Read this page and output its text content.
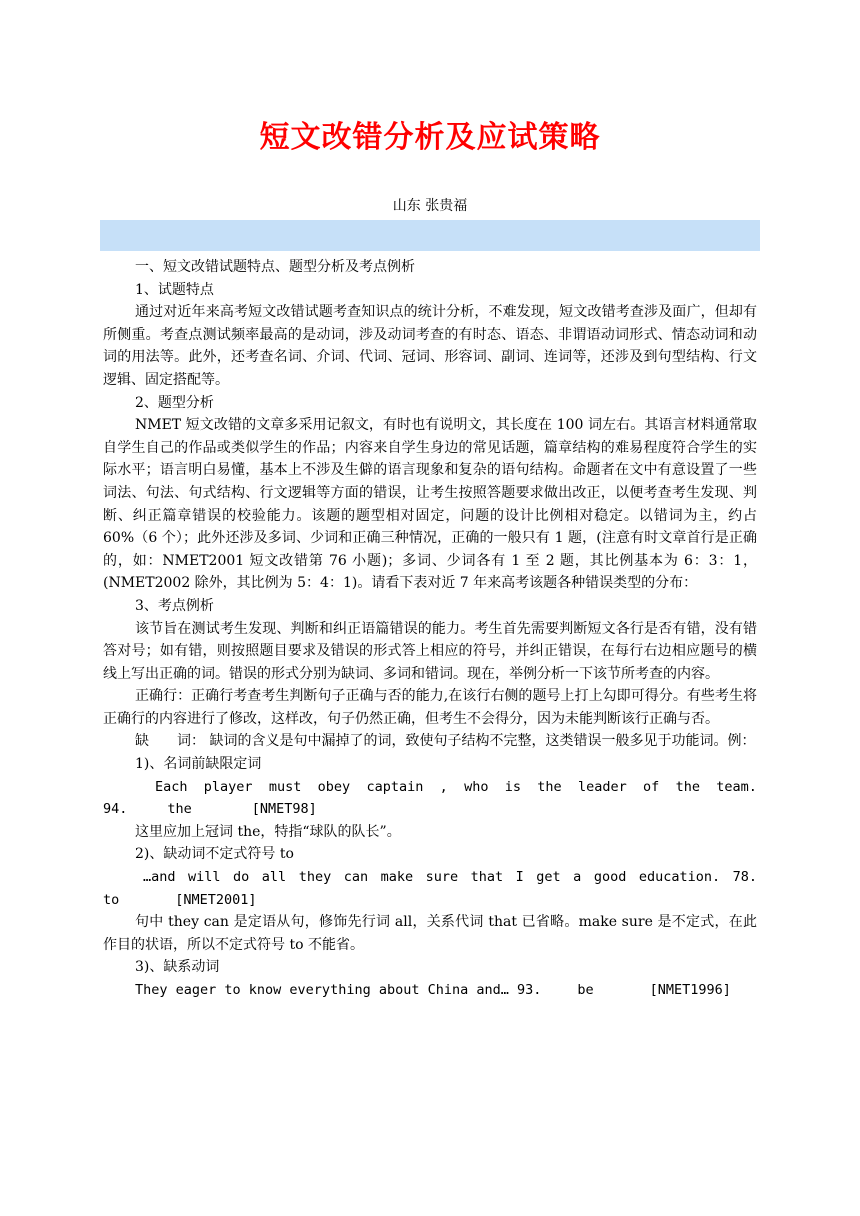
短文改错分析及应试策略
山东 张贵福

一、短文改错试题特点、题型分析及考点例析

1、试题特点

通过对近年来高考短文改错试题考查知识点的统计分析，不难发现，短文改错考查涉及面广，但却有所侧重。考查点测试频率最高的是动词，涉及动词考查的有时态、语态、非谓语动词形式、情态动词和动词的用法等。此外，还考查名词、介词、代词、冠词、形容词、副词、连词等，还涉及到句型结构、行文逻辑、固定搭配等。

2、题型分析

NMET 短文改错的文章多采用记叙文，有时也有说明文，其长度在 100 词左右。其语言材料通常取自学生自己的作品或类似学生的作品；内容来自学生身边的常见话题，篇章结构的难易程度符合学生的实际水平；语言明白易懂，基本上不涉及生僻的语言现象和复杂的语句结构。命题者在文中有意设置了一些词法、句法、句式结构、行文逻辑等方面的错误，让考生按照答题要求做出改正，以便考查考生发现、判断、纠正篇章错误的校验能力。该题的题型相对固定，问题的设计比例相对稳定。以错词为主，约占 60%（6 个）；此外还涉及多词、少词和正确三种情况，正确的一般只有 1 题，(注意有时文章首行是正确的，如：NMET2001 短文改错第 76 小题)；多词、少词各有 1 至 2 题，其比例基本为 6：3：1，(NMET2002 除外，其比例为 5：4：1)。请看下表对近 7 年来高考该题各种错误类型的分布：

3、考点例析

该节旨在测试考生发现、判断和纠正语篇错误的能力。考生首先需要判断短文各行是否有错，没有错答对号；如有错，则按照题目要求及错误的形式答上相应的符号，并纠正错误，在每行右边相应题号的横线上写出正确的词。错误的形式分别为缺词、多词和错词。现在，举例分析一下该节所考查的内容。

正确行：正确行考查考生判断句子正确与否的能力,在该行右侧的题号上打上勾即可得分。有些考生将正确行的内容进行了修改，这样改，句子仍然正确，但考生不会得分，因为未能判断该行正确与否。

缺　　词： 缺词的含义是句中漏掉了的词，致使句子结构不完整，这类错误一般多见于功能词。例：

1)、名词前缺限定词

Each player must obey captain , who is the leader of the team.
94.	the	[NMET98]

这里应加上冠词 the，特指“球队的队长”。

2)、缺动词不定式符号 to

…and will do all they can make sure that I get a good education. 78.
to	[NMET2001]

句中 they can 是定语从句，修饰先行词 all，关系代词 that 已省略。make sure 是不定式，在此作目的状语，所以不定式符号 to 不能省。

3)、缺系动词

They eager to know everything about China and… 93.	be	[NMET1996]
